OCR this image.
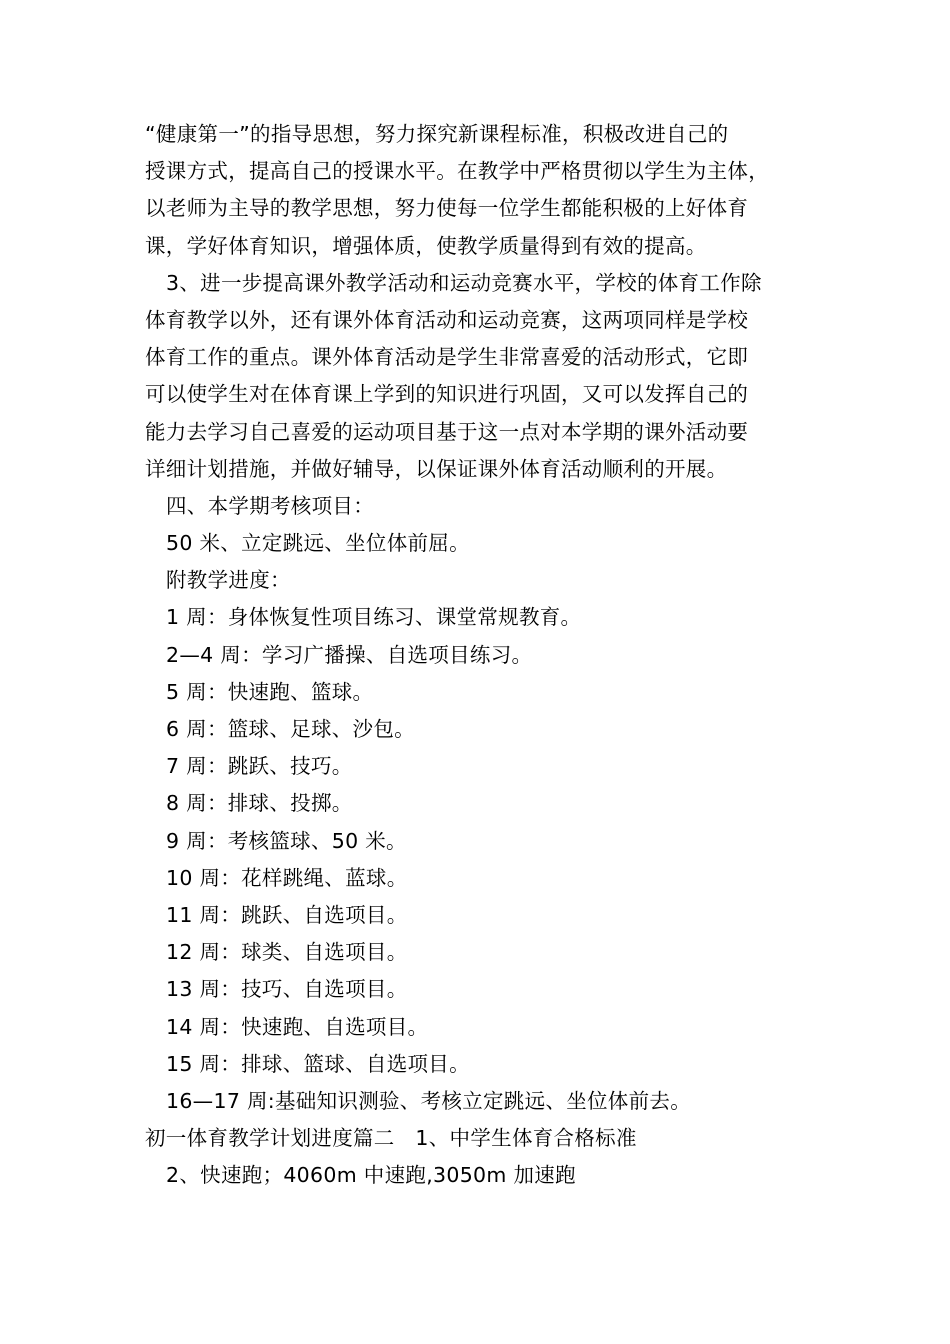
“健康第一”的指导思想，努力探究新课程标准，积极改进自己的
授课方式，提高自己的授课水平。在教学中严格贯彻以学生为主体，
以老师为主导的教学思想，努力使每一位学生都能积极的上好体育
课，学好体育知识，增强体质，使教学质量得到有效的提高。
3、进一步提高课外教学活动和运动竞赛水平，学校的体育工作除
体育教学以外，还有课外体育活动和运动竞赛，这两项同样是学校
体育工作的重点。课外体育活动是学生非常喜爱的活动形式，它即
可以使学生对在体育课上学到的知识进行巩固，又可以发挥自己的
能力去学习自己喜爱的运动项目基于这一点对本学期的课外活动要
详细计划措施，并做好辅导，以保证课外体育活动顺利的开展。
四、本学期考核项目：
50 米、立定跳远、坐位体前屈。
附教学进度：
1 周：身体恢复性项目练习、课堂常规教育。
2—4 周：学习广播操、自选项目练习。
5 周：快速跑、篮球。
6 周：篮球、足球、沙包。
7 周：跳跃、技巧。
8 周：排球、投掷。
9 周：考核篮球、50 米。
10 周：花样跳绳、蓝球。
11 周：跳跃、自选项目。
12 周：球类、自选项目。
13 周：技巧、自选项目。
14 周：快速跑、自选项目。
15 周：排球、篮球、自选项目。
16—17 周:基础知识测验、考核立定跳远、坐位体前去。
初一体育教学计划进度篇二　1、中学生体育合格标准
2、快速跑；4060m 中速跑,3050m 加速跑
